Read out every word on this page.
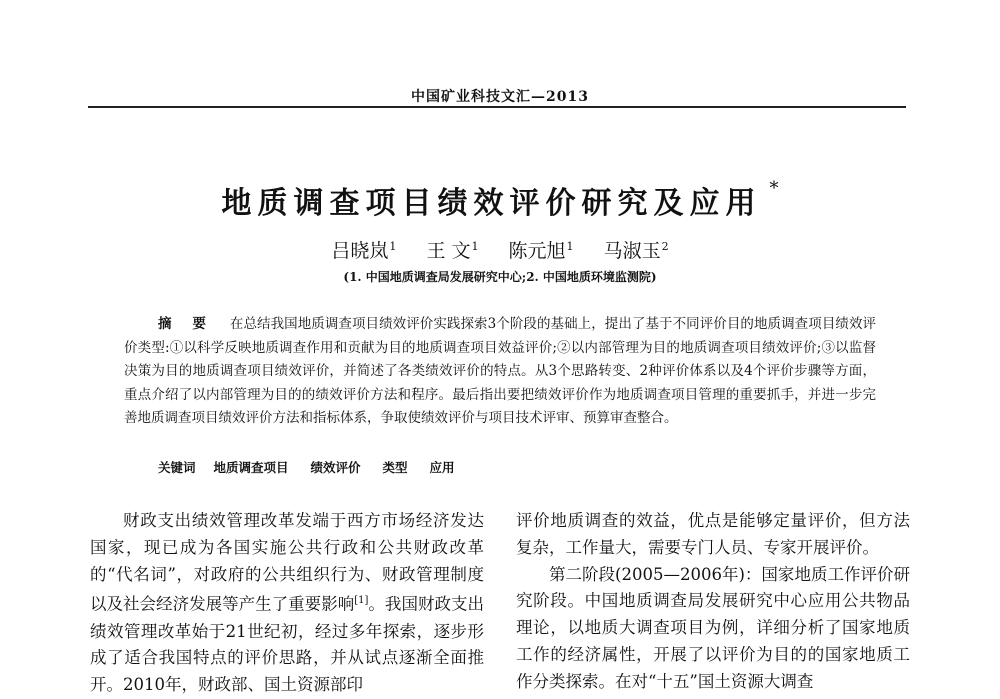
中国矿业科技文汇—2013
地质调查项目绩效评价研究及应用 *
吕晓岚$^1$ 王 文$^1$ 陈元旭$^1$ 马淑玉$^2$
(1. 中国地质调查局发展研究中心;2. 中国地质环境监测院)
摘 要 在总结我国地质调查项目绩效评价实践探索3个阶段的基础上，提出了基于不同评价目的地质调查项目绩效评价类型:①以科学反映地质调查作用和贡献为目的地质调查项目效益评价;②以内部管理为目的地质调查项目绩效评价;③以监督决策为目的地质调查项目绩效评价，并简述了各类绩效评价的特点。从3个思路转变、2种评价体系以及4个评价步骤等方面，重点介绍了以内部管理为目的的绩效评价方法和程序。最后指出要把绩效评价作为地质调查项目管理的重要抓手，并进一步完善地质调查项目绩效评价方法和指标体系，争取使绩效评价与项目技术评审、预算审查整合。
关键词 地质调查项目 绩效评价 类型 应用

财政支出绩效管理改革发端于西方市场经济发达国家，现已成为各国实施公共行政和公共财政改革的“代名词”，对政府的公共组织行为、财政管理制度以及社会经济发展等产生了重要影响[1]。我国财政支出绩效管理改革始于21世纪初，经过多年探索，逐步形成了适合我国特点的评价思路，并从试点逐渐全面推开。2010年，财政部、国土资源部印

评价地质调查的效益，优点是能够定量评价，但方法复杂，工作量大，需要专门人员、专家开展评价。

第二阶段(2005—2006年)：国家地质工作评价研究阶段。中国地质调查局发展研究中心应用公共物品理论，以地质大调查项目为例，详细分析了国家地质工作的经济属性，开展了以评价为目的的国家地质工作分类探索。在对“十五”国土资源大调查
